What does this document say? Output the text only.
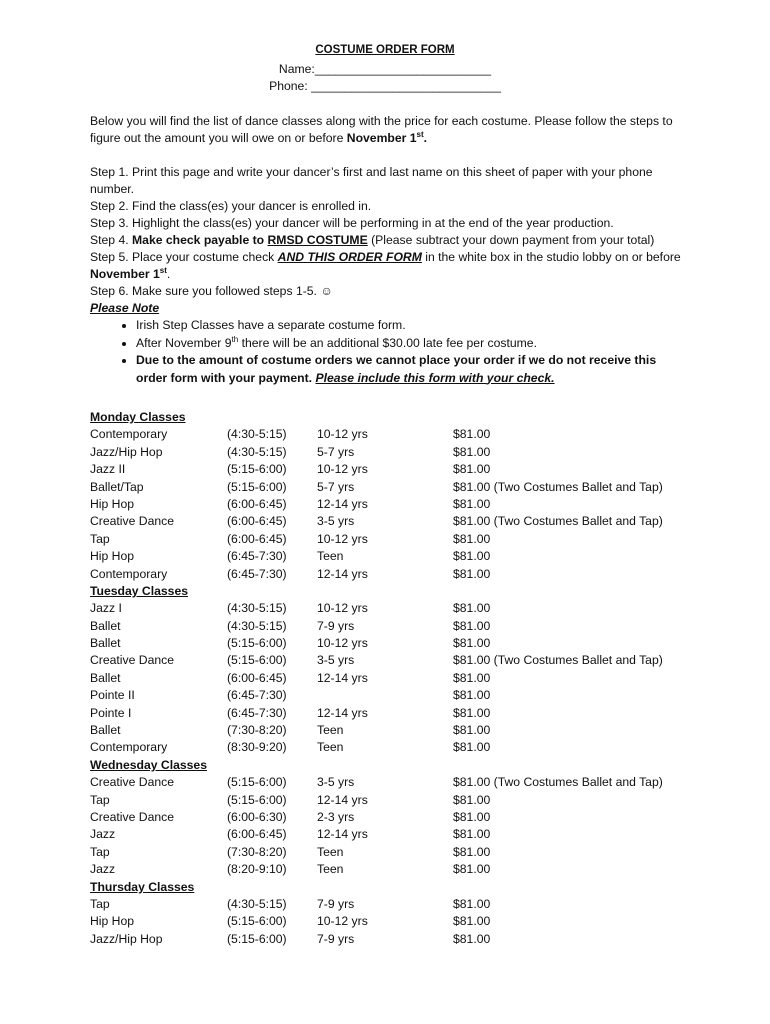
COSTUME ORDER FORM
Name:__________________________
Phone: ____________________________
Below you will find the list of dance classes along with the price for each costume. Please follow the steps to figure out the amount you will owe on or before November 1st.
Step 1. Print this page and write your dancer’s first and last name on this sheet of paper with your phone number.
Step 2. Find the class(es) your dancer is enrolled in.
Step 3. Highlight the class(es) your dancer will be performing in at the end of the year production.
Step 4. Make check payable to RMSD COSTUME (Please subtract your down payment from your total)
Step 5. Place your costume check AND THIS ORDER FORM in the white box in the studio lobby on or before November 1st.
Step 6. Make sure you followed steps 1-5. ☺
Please Note
• Irish Step Classes have a separate costume form.
• After November 9th there will be an additional $30.00 late fee per costume.
• Due to the amount of costume orders we cannot place your order if we do not receive this order form with your payment. Please include this form with your check.
Monday Classes
Contemporary	(4:30-5:15) 10-12 yrs	$81.00
Jazz/Hip Hop	(4:30-5:15) 5-7 yrs	$81.00
Jazz II	(5:15-6:00) 10-12 yrs	$81.00
Ballet/Tap	(5:15-6:00) 5-7 yrs	$81.00 (Two Costumes Ballet and Tap)
Hip Hop	(6:00-6:45) 12-14 yrs	$81.00
Creative Dance	(6:00-6:45) 3-5 yrs	$81.00 (Two Costumes Ballet and Tap)
Tap	(6:00-6:45) 10-12 yrs	$81.00
Hip Hop	(6:45-7:30) Teen	$81.00
Contemporary	(6:45-7:30) 12-14 yrs	$81.00
Tuesday Classes
Jazz I	(4:30-5:15) 10-12 yrs	$81.00
Ballet	(4:30-5:15) 7-9 yrs	$81.00
Ballet	(5:15-6:00) 10-12 yrs	$81.00
Creative Dance	(5:15-6:00) 3-5 yrs	$81.00 (Two Costumes Ballet and Tap)
Ballet	(6:00-6:45) 12-14 yrs	$81.00
Pointe II	(6:45-7:30)	$81.00
Pointe I	(6:45-7:30) 12-14 yrs	$81.00
Ballet	(7:30-8:20) Teen	$81.00
Contemporary	(8:30-9:20) Teen	$81.00
Wednesday Classes
Creative Dance	(5:15-6:00) 3-5 yrs	$81.00 (Two Costumes Ballet and Tap)
Tap	(5:15-6:00) 12-14 yrs	$81.00
Creative Dance	(6:00-6:30) 2-3 yrs	$81.00
Jazz	(6:00-6:45) 12-14 yrs	$81.00
Tap	(7:30-8:20) Teen	$81.00
Jazz	(8:20-9:10) Teen	$81.00
Thursday Classes
Tap	(4:30-5:15) 7-9 yrs	$81.00
Hip Hop	(5:15-6:00) 10-12 yrs	$81.00
Jazz/Hip Hop	(5:15-6:00) 7-9 yrs	$81.00
